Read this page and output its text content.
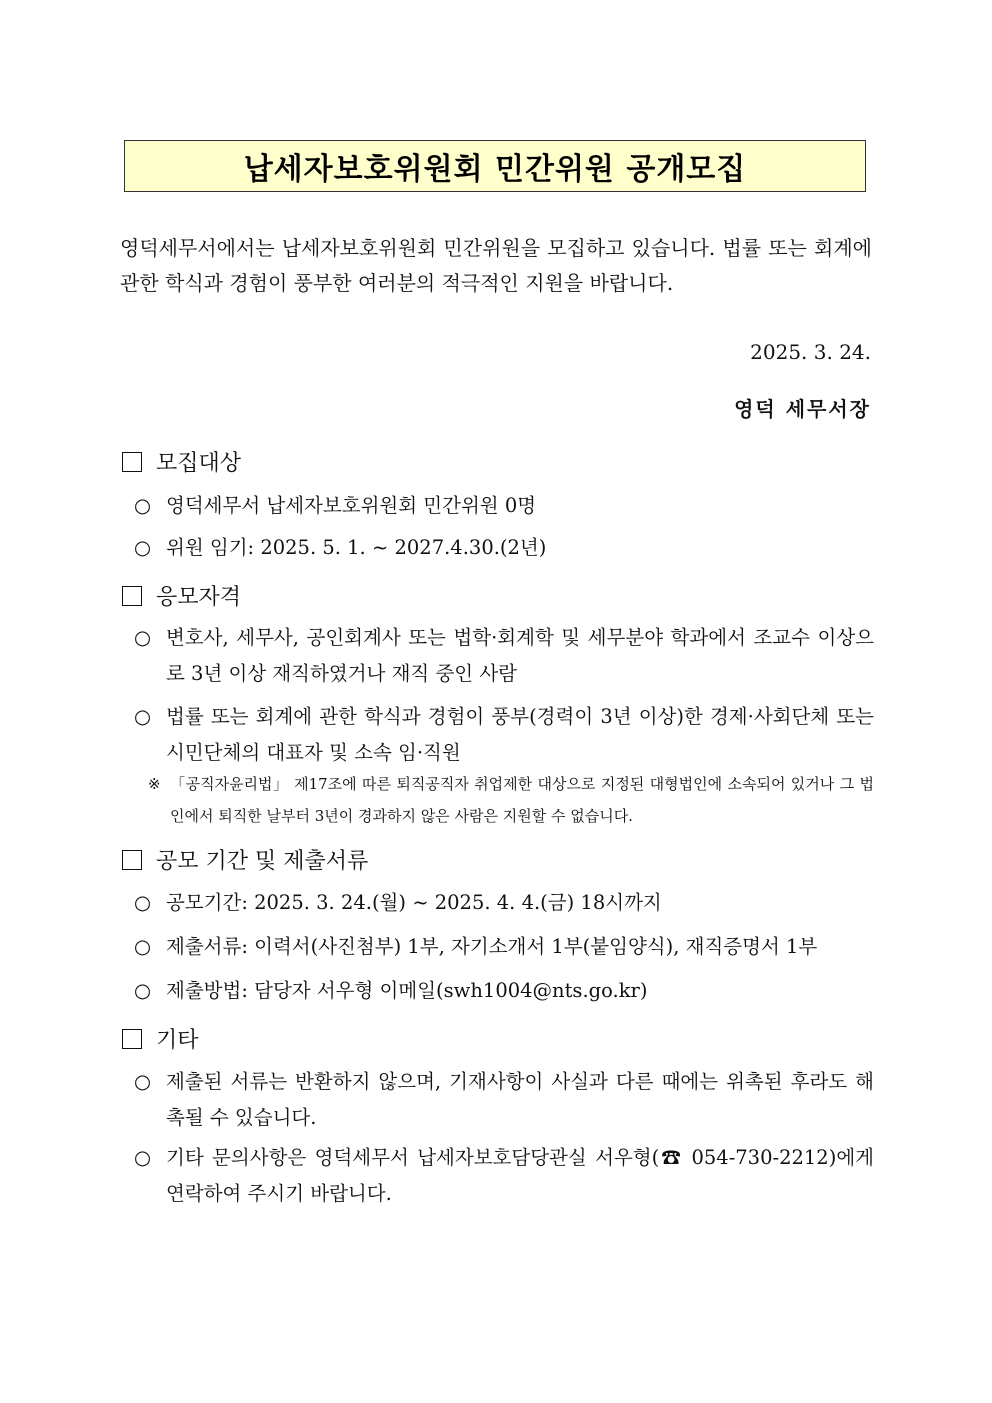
납세자보호위원회 민간위원 공개모집

영덕세무서에서는 납세자보호위원회 민간위원을 모집하고 있습니다. 법률 또는 회계에 관한 학식과 경험이 풍부한 여러분의 적극적인 지원을 바랍니다.

2025. 3. 24.
영덕 세무서장
모집대상
○ 영덕세무서 납세자보호위원회 민간위원 0명
○ 위원 임기: 2025. 5. 1. ~ 2027.4.30.(2년)
응모자격
○ 변호사, 세무사, 공인회계사 또는 법학·회계학 및 세무분야 학과에서 조교수 이상으로 3년 이상 재직하였거나 재직 중인 사람
○ 법률 또는 회계에 관한 학식과 경험이 풍부(경력이 3년 이상)한 경제·사회단체 또는 시민단체의 대표자 및 소속 임·직원
※ 「공직자윤리법」 제17조에 따른 퇴직공직자 취업제한 대상으로 지정된 대형법인에 소속되어 있거나 그 법인에서 퇴직한 날부터 3년이 경과하지 않은 사람은 지원할 수 없습니다.
공모 기간 및 제출서류
○ 공모기간: 2025. 3. 24.(월) ~ 2025. 4. 4.(금) 18시까지
○ 제출서류: 이력서(사진첨부) 1부, 자기소개서 1부(붙임양식), 재직증명서 1부
○ 제출방법: 담당자 서우형 이메일(swh1004@nts.go.kr)
기타
○ 제출된 서류는 반환하지 않으며, 기재사항이 사실과 다른 때에는 위촉된 후라도 해촉될 수 있습니다.
○ 기타 문의사항은 영덕세무서 납세자보호담당관실 서우형(☎ 054-730-2212)에게 연락하여 주시기 바랍니다.
